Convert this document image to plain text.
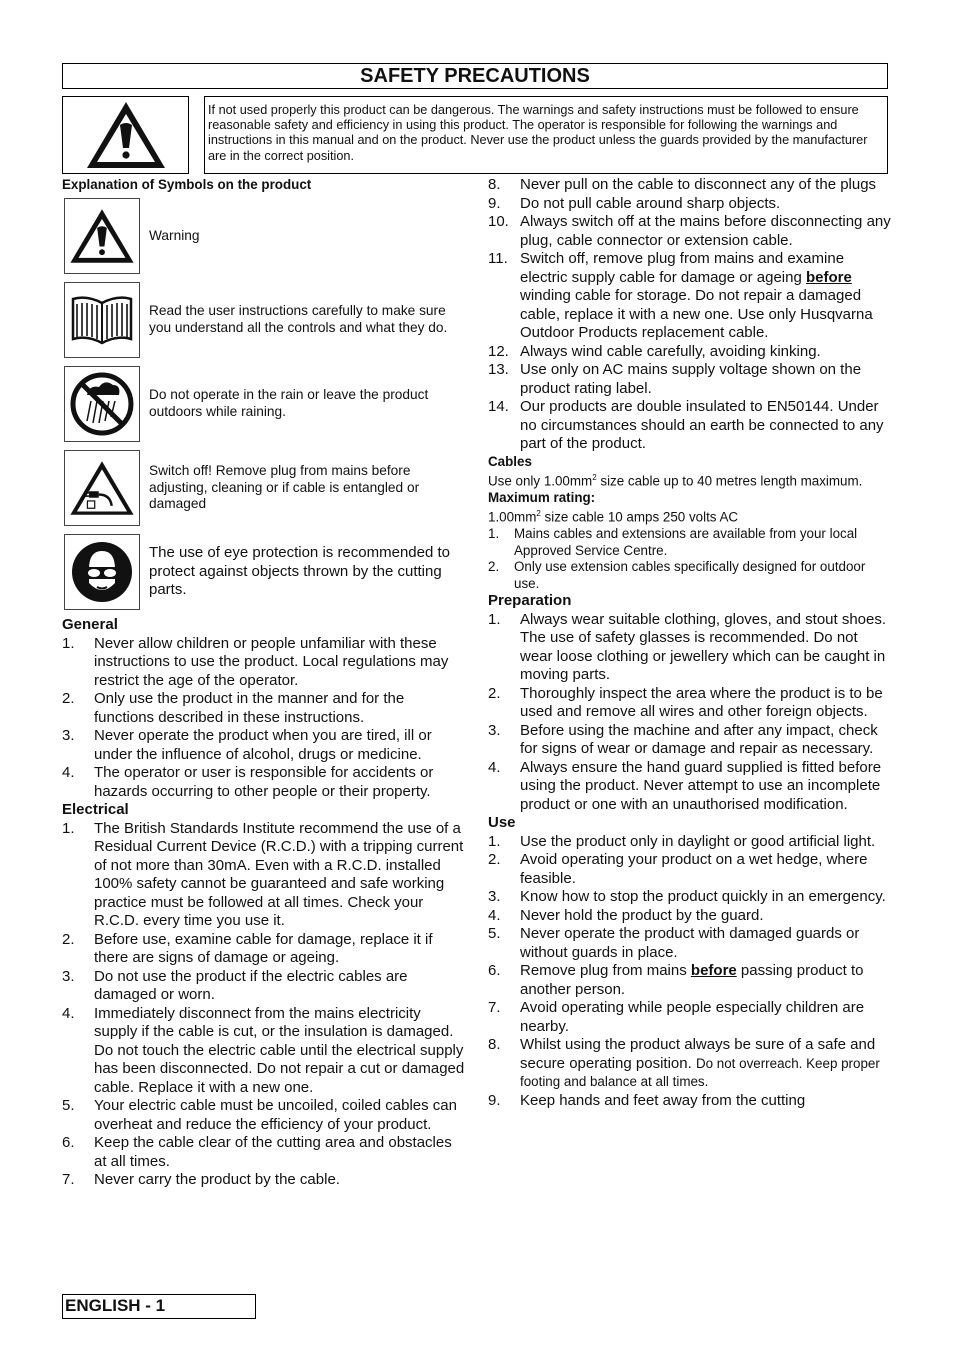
SAFETY PRECAUTIONS
If not used properly this product can be dangerous. The warnings and safety instructions must be followed to ensure reasonable safety and efficiency in using this product. The operator is responsible for following the warnings and instructions in this manual and on the product. Never use the product unless the guards provided by the manufacturer are in the correct position.

Explanation of Symbols on the product

Warning
Read the user instructions carefully to make sure you understand all the controls and what they do.
Do not operate in the rain or leave the product outdoors while raining.
Switch off! Remove plug from mains before adjusting, cleaning or if cable is entangled or damaged
The use of eye protection is recommended to protect against objects thrown by the cutting parts.

General

1. Never allow children or people unfamiliar with these instructions to use the product. Local regulations may restrict the age of the operator.
2. Only use the product in the manner and for the functions described in these instructions.
3. Never operate the product when you are tired, ill or under the influence of alcohol, drugs or medicine.
4. The operator or user is responsible for accidents or hazards occurring to other people or their property.

Electrical

1. The British Standards Institute recommend the use of a Residual Current Device (R.C.D.) with a tripping current of not more than 30mA. Even with a R.C.D. installed 100% safety cannot be guaranteed and safe working practice must be followed at all times. Check your R.C.D. every time you use it.
2. Before use, examine cable for damage, replace it if there are signs of damage or ageing.
3. Do not use the product if the electric cables are damaged or worn.
4. Immediately disconnect from the mains electricity supply if the cable is cut, or the insulation is damaged. Do not touch the electric cable until the electrical supply has been disconnected. Do not repair a cut or damaged cable. Replace it with a new one.
5. Your electric cable must be uncoiled, coiled cables can overheat and reduce the efficiency of your product.
6. Keep the cable clear of the cutting area and obstacles at all times.
7. Never carry the product by the cable.
8. Never pull on the cable to disconnect any of the plugs
9. Do not pull cable around sharp objects.
10. Always switch off at the mains before disconnecting any plug, cable connector or extension cable.
11. Switch off, remove plug from mains and examine electric supply cable for damage or ageing before winding cable for storage. Do not repair a damaged cable, replace it with a new one. Use only Husqvarna Outdoor Products replacement cable.
12. Always wind cable carefully, avoiding kinking.
13. Use only on AC mains supply voltage shown on the product rating label.
14. Our products are double insulated to EN50144. Under no circumstances should an earth be connected to any part of the product.

Cables

Use only $1.00mm^2$ size cable up to 40 metres length maximum.

Maximum rating:

$1.00mm^2$ size cable 10 amps 250 volts AC
1. Mains cables and extensions are available from your local Approved Service Centre.
2. Only use extension cables specifically designed for outdoor use.

Preparation

1. Always wear suitable clothing, gloves, and stout shoes. The use of safety glasses is recommended. Do not wear loose clothing or jewellery which can be caught in moving parts.
2. Thoroughly inspect the area where the product is to be used and remove all wires and other foreign objects.
3. Before using the machine and after any impact, check for signs of wear or damage and repair as necessary.
4. Always ensure the hand guard supplied is fitted before using the product. Never attempt to use an incomplete product or one with an unauthorised modification.

Use

1. Use the product only in daylight or good artificial light.
2. Avoid operating your product on a wet hedge, where feasible.
3. Know how to stop the product quickly in an emergency.
4. Never hold the product by the guard.
5. Never operate the product with damaged guards or without guards in place.
6. Remove plug from mains before passing product to another person.
7. Avoid operating while people especially children are nearby.
8. Whilst using the product always be sure of a safe and secure operating position. Do not overreach. Keep proper footing and balance at all times.
9. Keep hands and feet away from the cutting
ENGLISH - 1
